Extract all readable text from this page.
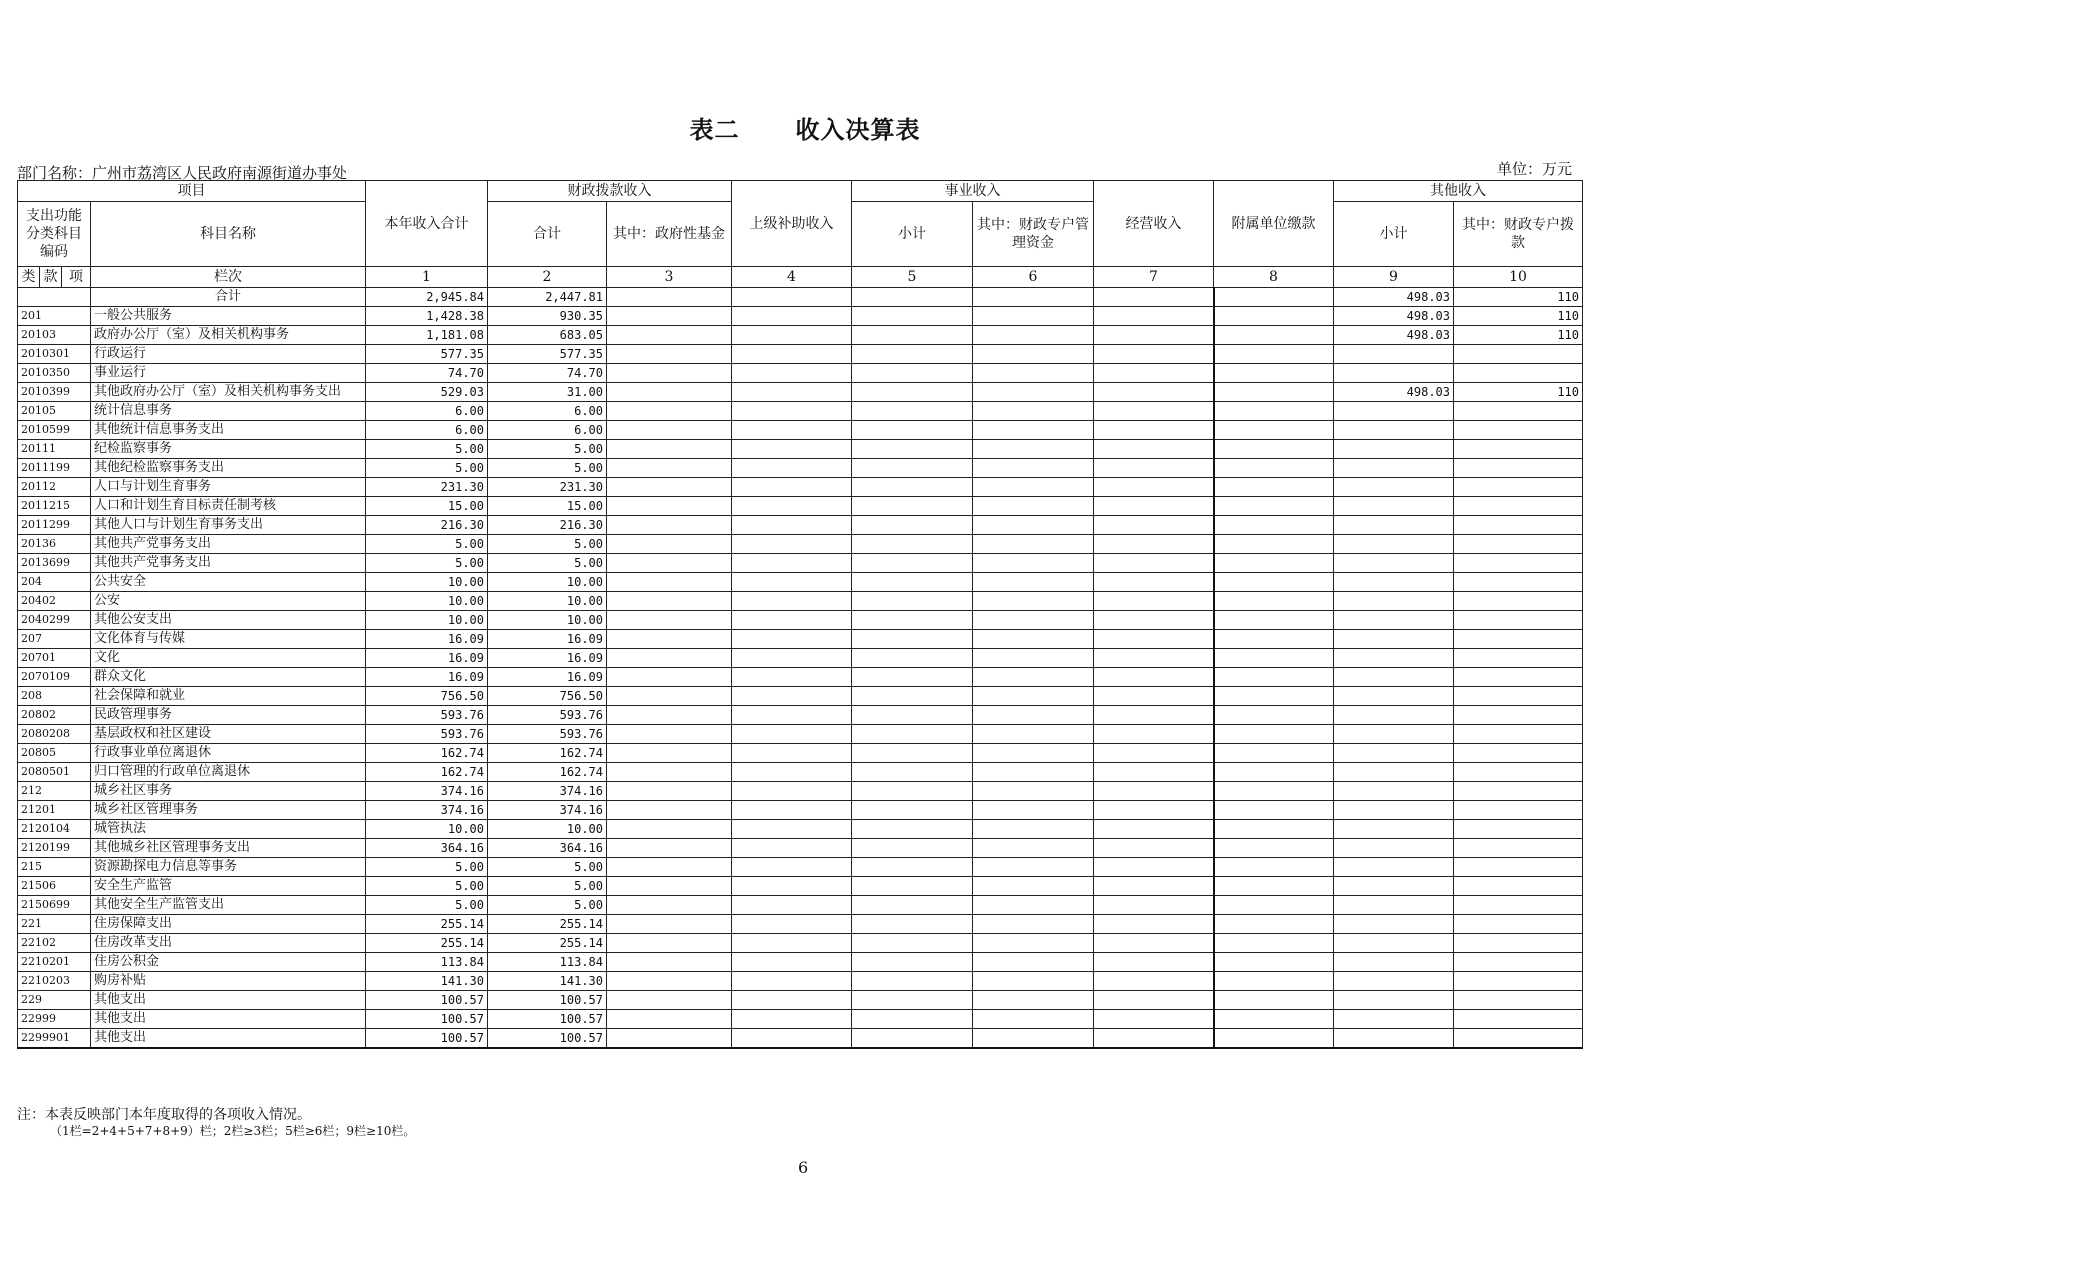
表二 收入决算表
部门名称：广州市荔湾区人民政府南源街道办事处	单位：万元
项目				本年收入合计	财政拨款收入		上级补助收入	事业收入		经营收入	附属单位缴款	其他收入	
支出功能分类科目编码			科目名称		合计	其中：政府性基金		小计	其中：财政专户管理资金			小计	其中：财政专户拨款
类	款	项	栏次	1	2	3	4	5	6	7	8	9	10
			合计	2,945.84	2,447.81							498.03	110
201			一般公共服务	1,428.38	930.35							498.03	110
20103			政府办公厅（室）及相关机构事务	1,181.08	683.05							498.03	110
2010301			行政运行	577.35	577.35								
2010350			事业运行	74.70	74.70								
2010399			其他政府办公厅（室）及相关机构事务支出	529.03	31.00							498.03	110
20105			统计信息事务	6.00	6.00								
2010599			其他统计信息事务支出	6.00	6.00								
20111			纪检监察事务	5.00	5.00								
2011199			其他纪检监察事务支出	5.00	5.00								
20112			人口与计划生育事务	231.30	231.30								
2011215			人口和计划生育目标责任制考核	15.00	15.00								
2011299			其他人口与计划生育事务支出	216.30	216.30								
20136			其他共产党事务支出	5.00	5.00								
2013699			其他共产党事务支出	5.00	5.00								
204			公共安全	10.00	10.00								
20402			公安	10.00	10.00								
2040299			其他公安支出	10.00	10.00								
207			文化体育与传媒	16.09	16.09								
20701			文化	16.09	16.09								
2070109			群众文化	16.09	16.09								
208			社会保障和就业	756.50	756.50								
20802			民政管理事务	593.76	593.76								
2080208			基层政权和社区建设	593.76	593.76								
20805			行政事业单位离退休	162.74	162.74								
2080501			归口管理的行政单位离退休	162.74	162.74								
212			城乡社区事务	374.16	374.16								
21201			城乡社区管理事务	374.16	374.16								
2120104			城管执法	10.00	10.00								
2120199			其他城乡社区管理事务支出	364.16	364.16								
215			资源勘探电力信息等事务	5.00	5.00								
21506			安全生产监管	5.00	5.00								
2150699			其他安全生产监管支出	5.00	5.00								
221			住房保障支出	255.14	255.14								
22102			住房改革支出	255.14	255.14								
2210201			住房公积金	113.84	113.84								
2210203			购房补贴	141.30	141.30								
229			其他支出	100.57	100.57								
22999			其他支出	100.57	100.57								
2299901			其他支出	100.57	100.57								
注：本表反映部门本年度取得的各项收入情况。
（1栏=2+4+5+7+8+9）栏；2栏≥3栏；5栏≥6栏；9栏≥10栏。
6
